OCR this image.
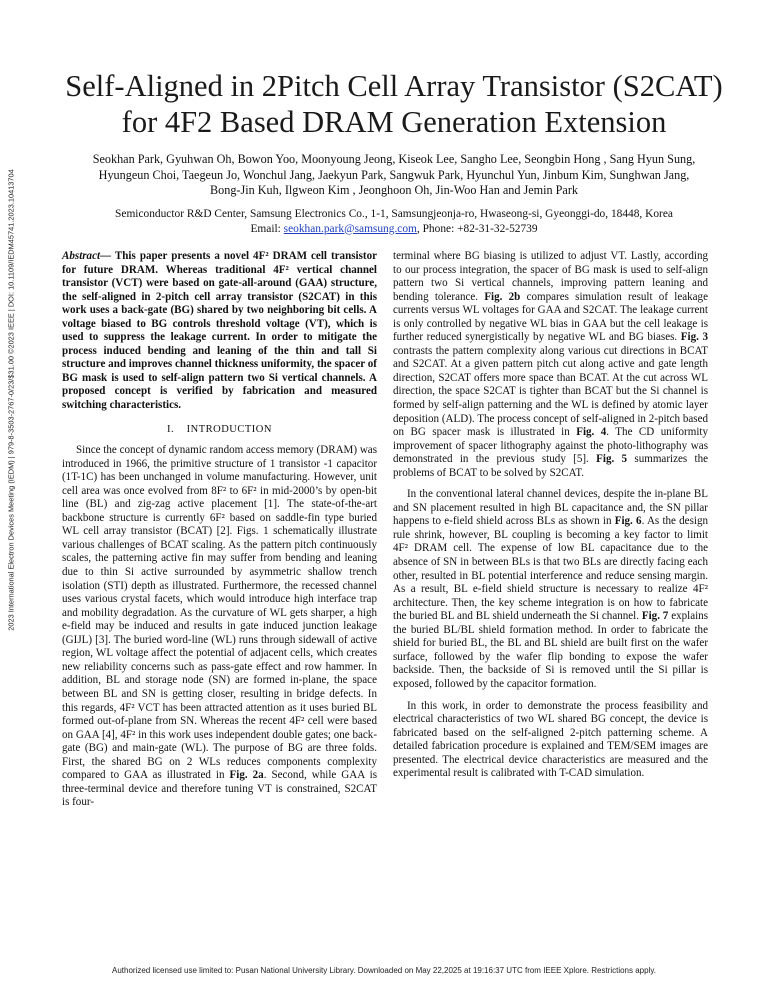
2023 International Electron Devices Meeting (IEDM) | 979-8-3503-2767-0/23/$31.00 ©2023 IEEE | DOI: 10.1109/IEDM45741.2023.10413704
Self-Aligned in 2Pitch Cell Array Transistor (S2CAT)
for 4F2 Based DRAM Generation Extension
Seokhan Park, Gyuhwan Oh, Bowon Yoo, Moonyoung Jeong, Kiseok Lee, Sangho Lee, Seongbin Hong , Sang Hyun Sung,
Hyungeun Choi, Taegeun Jo, Wonchul Jang, Jaekyun Park, Sangwuk Park, Hyunchul Yun, Jinbum Kim, Sunghwan Jang,
Bong-Jin Kuh, Ilgweon Kim , Jeonghoon Oh, Jin-Woo Han and Jemin Park
Semiconductor R&D Center, Samsung Electronics Co., 1-1, Samsungjeonja-ro, Hwaseong-si, Gyeonggi-do, 18448, Korea
Email: seokhan.park@samsung.com, Phone: +82-31-32-52739

Abstract— This paper presents a novel 4F² DRAM cell transistor for future DRAM. Whereas traditional 4F² vertical channel transistor (VCT) were based on gate-all-around (GAA) structure, the self-aligned in 2-pitch cell array transistor (S2CAT) in this work uses a back-gate (BG) shared by two neighboring bit cells. A voltage biased to BG controls threshold voltage (VT), which is used to suppress the leakage current. In order to mitigate the process induced bending and leaning of the thin and tall Si structure and improves channel thickness uniformity, the spacer of BG mask is used to self-align pattern two Si vertical channels. A proposed concept is verified by fabrication and measured switching characteristics.

I. INTRODUCTION

Since the concept of dynamic random access memory (DRAM) was introduced in 1966, the primitive structure of 1 transistor -1 capacitor (1T-1C) has been unchanged in volume manufacturing. However, unit cell area was once evolved from 8F² to 6F² in mid-2000’s by open-bit line (BL) and zig-zag active placement [1]. The state-of-the-art backbone structure is currently 6F² based on saddle-fin type buried WL cell array transistor (BCAT) [2]. Figs. 1 schematically illustrate various challenges of BCAT scaling. As the pattern pitch continuously scales, the patterning active fin may suffer from bending and leaning due to thin Si active surrounded by asymmetric shallow trench isolation (STI) depth as illustrated. Furthermore, the recessed channel uses various crystal facets, which would introduce high interface trap and mobility degradation. As the curvature of WL gets sharper, a high e-field may be induced and results in gate induced junction leakage (GIJL) [3]. The buried word-line (WL) runs through sidewall of active region, WL voltage affect the potential of adjacent cells, which creates new reliability concerns such as pass-gate effect and row hammer. In addition, BL and storage node (SN) are formed in-plane, the space between BL and SN is getting closer, resulting in bridge defects. In this regards, 4F² VCT has been attracted attention as it uses buried BL formed out-of-plane from SN. Whereas the recent 4F² cell were based on GAA [4], 4F² in this work uses independent double gates; one back-gate (BG) and main-gate (WL). The purpose of BG are three folds. First, the shared BG on 2 WLs reduces components complexity compared to GAA as illustrated in Fig. 2a. Second, while GAA is three-terminal device and therefore tuning VT is constrained, S2CAT is four-

terminal where BG biasing is utilized to adjust VT. Lastly, according to our process integration, the spacer of BG mask is used to self-align pattern two Si vertical channels, improving pattern leaning and bending tolerance. Fig. 2b compares simulation result of leakage currents versus WL voltages for GAA and S2CAT. The leakage current is only controlled by negative WL bias in GAA but the cell leakage is further reduced synergistically by negative WL and BG biases. Fig. 3 contrasts the pattern complexity along various cut directions in BCAT and S2CAT. At a given pattern pitch cut along active and gate length direction, S2CAT offers more space than BCAT. At the cut across WL direction, the space S2CAT is tighter than BCAT but the Si channel is formed by self-align patterning and the WL is defined by atomic layer deposition (ALD). The process concept of self-aligned in 2-pitch based on BG spacer mask is illustrated in Fig. 4. The CD uniformity improvement of spacer lithography against the photo-lithography was demonstrated in the previous study [5]. Fig. 5 summarizes the problems of BCAT to be solved by S2CAT.

In the conventional lateral channel devices, despite the in-plane BL and SN placement resulted in high BL capacitance and, the SN pillar happens to e-field shield across BLs as shown in Fig. 6. As the design rule shrink, however, BL coupling is becoming a key factor to limit 4F² DRAM cell. The expense of low BL capacitance due to the absence of SN in between BLs is that two BLs are directly facing each other, resulted in BL potential interference and reduce sensing margin. As a result, BL e-field shield structure is necessary to realize 4F² architecture. Then, the key scheme integration is on how to fabricate the buried BL and BL shield underneath the Si channel. Fig. 7 explains the buried BL/BL shield formation method. In order to fabricate the shield for buried BL, the BL and BL shield are built first on the wafer surface, followed by the wafer flip bonding to expose the wafer backside. Then, the backside of Si is removed until the Si pillar is exposed, followed by the capacitor formation.

In this work, in order to demonstrate the process feasibility and electrical characteristics of two WL shared BG concept, the device is fabricated based on the self-aligned 2-pitch patterning scheme. A detailed fabrication procedure is explained and TEM/SEM images are presented. The electrical device characteristics are measured and the experimental result is calibrated with T-CAD simulation.

Authorized licensed use limited to: Pusan National University Library. Downloaded on May 22,2025 at 19:16:37 UTC from IEEE Xplore. Restrictions apply.
